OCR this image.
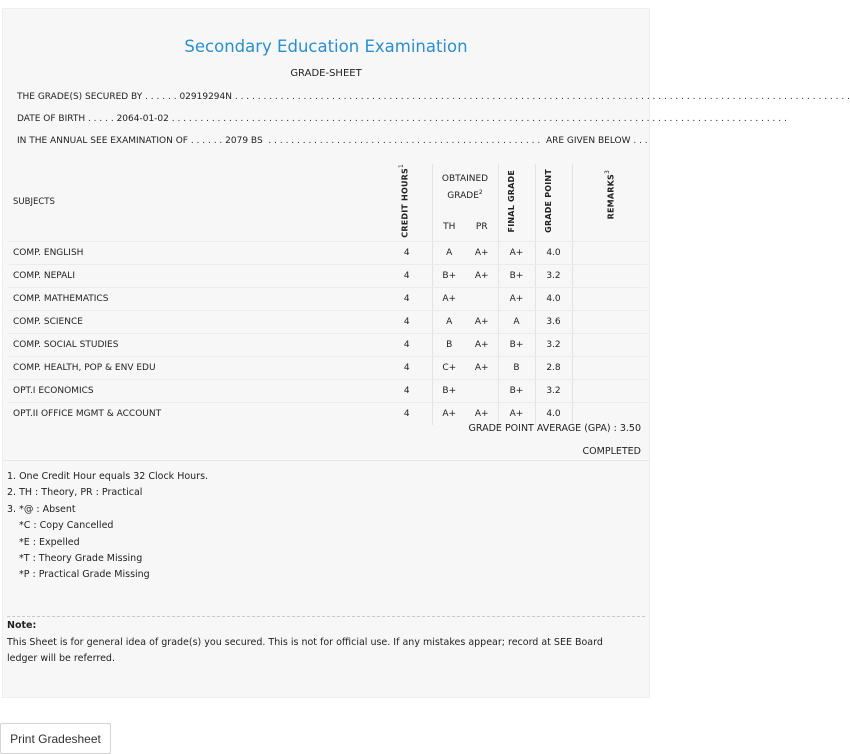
Secondary Education Examination
GRADE-SHEET
THE GRADE(S) SECURED BY . . . . . . 02919294N . . . . . . . . . . . . . . . . . . . . . . . . . . . . . . . . . . . . . . . . . . . . . . . . . . . . . . . . . . . . . . . . . . . . . . . . . . . . . . . . . . . . . . . . . . . . . . . . . . . . . . . . . . . .
DATE OF BIRTH . . . . . 2064-01-02 . . . . . . . . . . . . . . . . . . . . . . . . . . . . . . . . . . . . . . . . . . . . . . . . . . . . . . . . . . . . . . . . . . . . . . . . . . . . . . . . . . . . . . . . . . . . . . . . . . . . . . . . . . . .
IN THE ANNUAL SEE EXAMINATION OF . . . . . . 2079 BS  . . . . . . . . . . . . . . . . . . . . . . . . . . . . . . . . . . . . . . . . . . . . . . . .  ARE GIVEN BELOW . . .
SUBJECTS	CREDIT HOURS$^1$	OBTAINED GRADE$^2$		FINAL GRADE	GRADE POINT	REMARKS$^3$
		TH	PR			
COMP. ENGLISH	4	A	A+	A+	4.0	
COMP. NEPALI	4	B+	A+	B+	3.2	
COMP. MATHEMATICS	4	A+		A+	4.0	
COMP. SCIENCE	4	A	A+	A	3.6	
COMP. SOCIAL STUDIES	4	B	A+	B+	3.2	
COMP. HEALTH, POP & ENV EDU	4	C+	A+	B	2.8	
OPT.I ECONOMICS	4	B+		B+	3.2	
OPT.II OFFICE MGMT & ACCOUNT	4	A+	A+	A+	4.0	
GRADE POINT AVERAGE (GPA) : 3.50
COMPLETED
1. One Credit Hour equals 32 Clock Hours.
2. TH : Theory, PR : Practical
3. *@ : Absent
*C : Copy Cancelled
*E : Expelled
*T : Theory Grade Missing
*P : Practical Grade Missing
Note:
This Sheet is for general idea of grade(s) you secured. This is not for official use. If any mistakes appear; record at SEE Board ledger will be referred.
Print Gradesheet
